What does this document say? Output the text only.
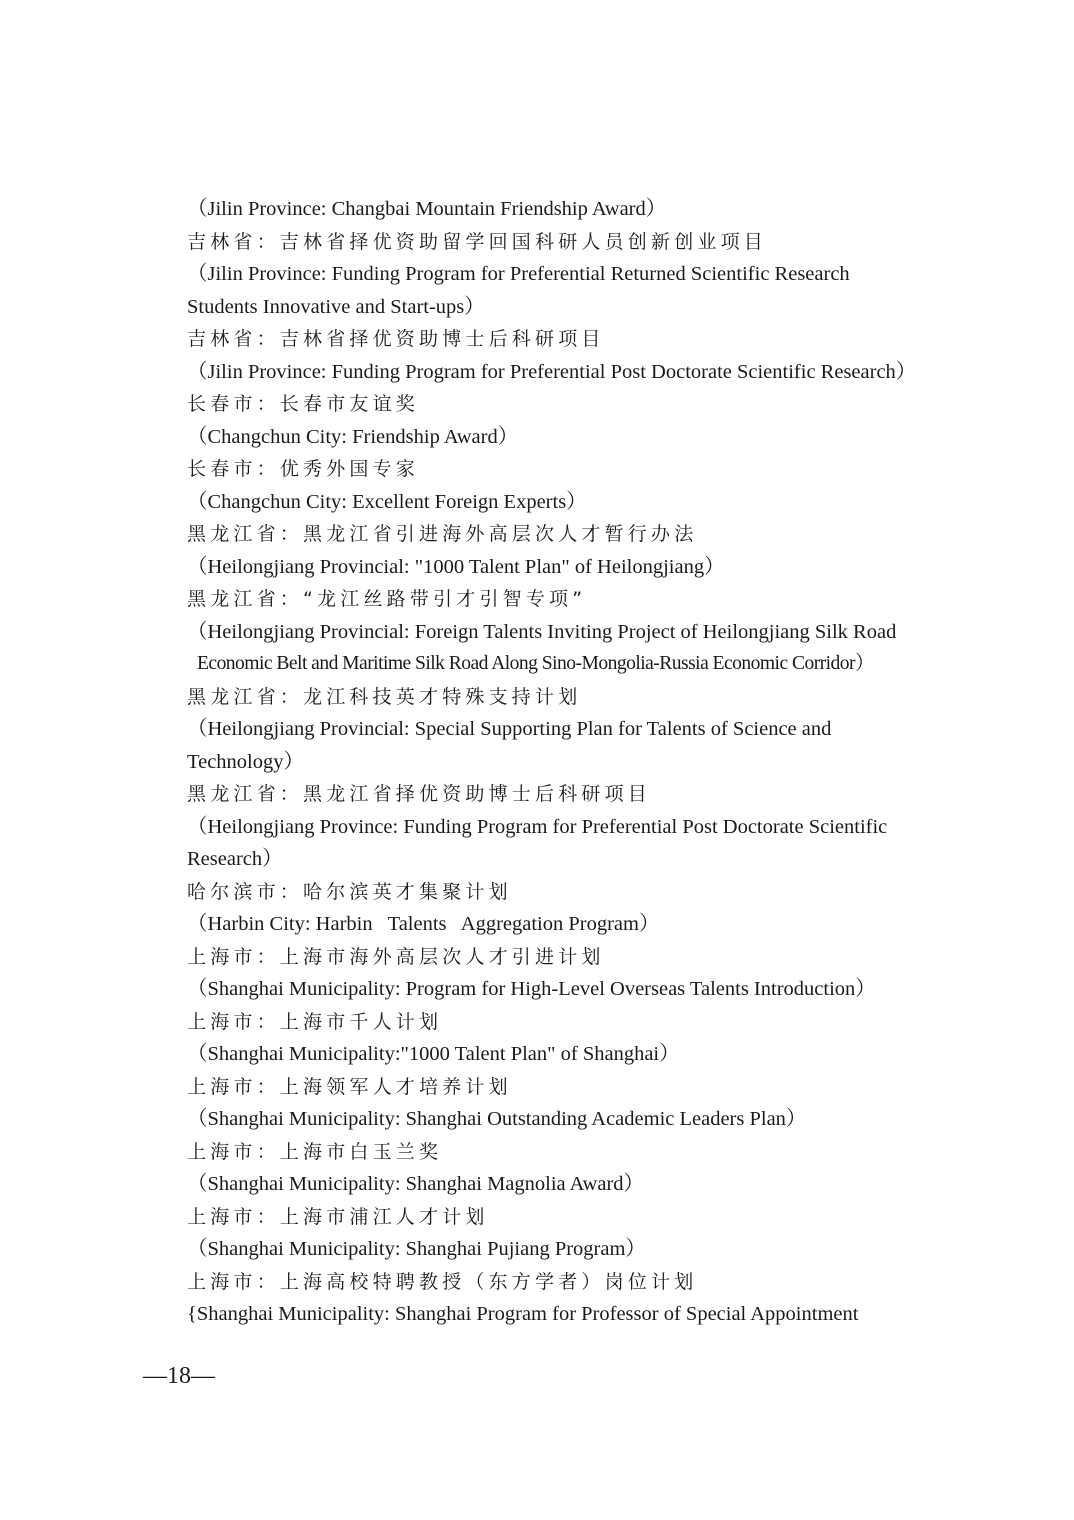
（Jilin Province: Changbai Mountain Friendship Award）
吉林省：吉林省择优资助留学回国科研人员创新创业项目
（Jilin Province: Funding Program for Preferential Returned Scientific Research
Students Innovative and Start-ups）
吉林省：吉林省择优资助博士后科研项目
（Jilin Province: Funding Program for Preferential Post Doctorate Scientific Research）
长春市：长春市友谊奖
（Changchun City: Friendship Award）
长春市：优秀外国专家
（Changchun City: Excellent Foreign Experts）
黑龙江省：黑龙江省引进海外高层次人才暂行办法
（Heilongjiang Provincial: "1000 Talent Plan" of Heilongjiang）
黑龙江省：“龙江丝路带引才引智专项”
（Heilongjiang Provincial: Foreign Talents Inviting Project of Heilongjiang Silk Road
Economic Belt and Maritime Silk Road Along Sino-Mongolia-Russia Economic Corridor）
黑龙江省：龙江科技英才特殊支持计划
（Heilongjiang Provincial: Special Supporting Plan for Talents of Science and
Technology）
黑龙江省：黑龙江省择优资助博士后科研项目
（Heilongjiang Province: Funding Program for Preferential Post Doctorate Scientific
Research）
哈尔滨市：哈尔滨英才集聚计划
（Harbin City: Harbin   Talents   Aggregation Program）
上海市：上海市海外高层次人才引进计划
（Shanghai Municipality: Program for High-Level Overseas Talents Introduction）
上海市：上海市千人计划
（Shanghai Municipality:"1000 Talent Plan" of Shanghai）
上海市：上海领军人才培养计划
（Shanghai Municipality: Shanghai Outstanding Academic Leaders Plan）
上海市：上海市白玉兰奖
（Shanghai Municipality: Shanghai Magnolia Award）
上海市：上海市浦江人才计划
（Shanghai Municipality: Shanghai Pujiang Program）
上海市：上海高校特聘教授（东方学者）岗位计划
{Shanghai Municipality: Shanghai Program for Professor of Special Appointment
—18—
